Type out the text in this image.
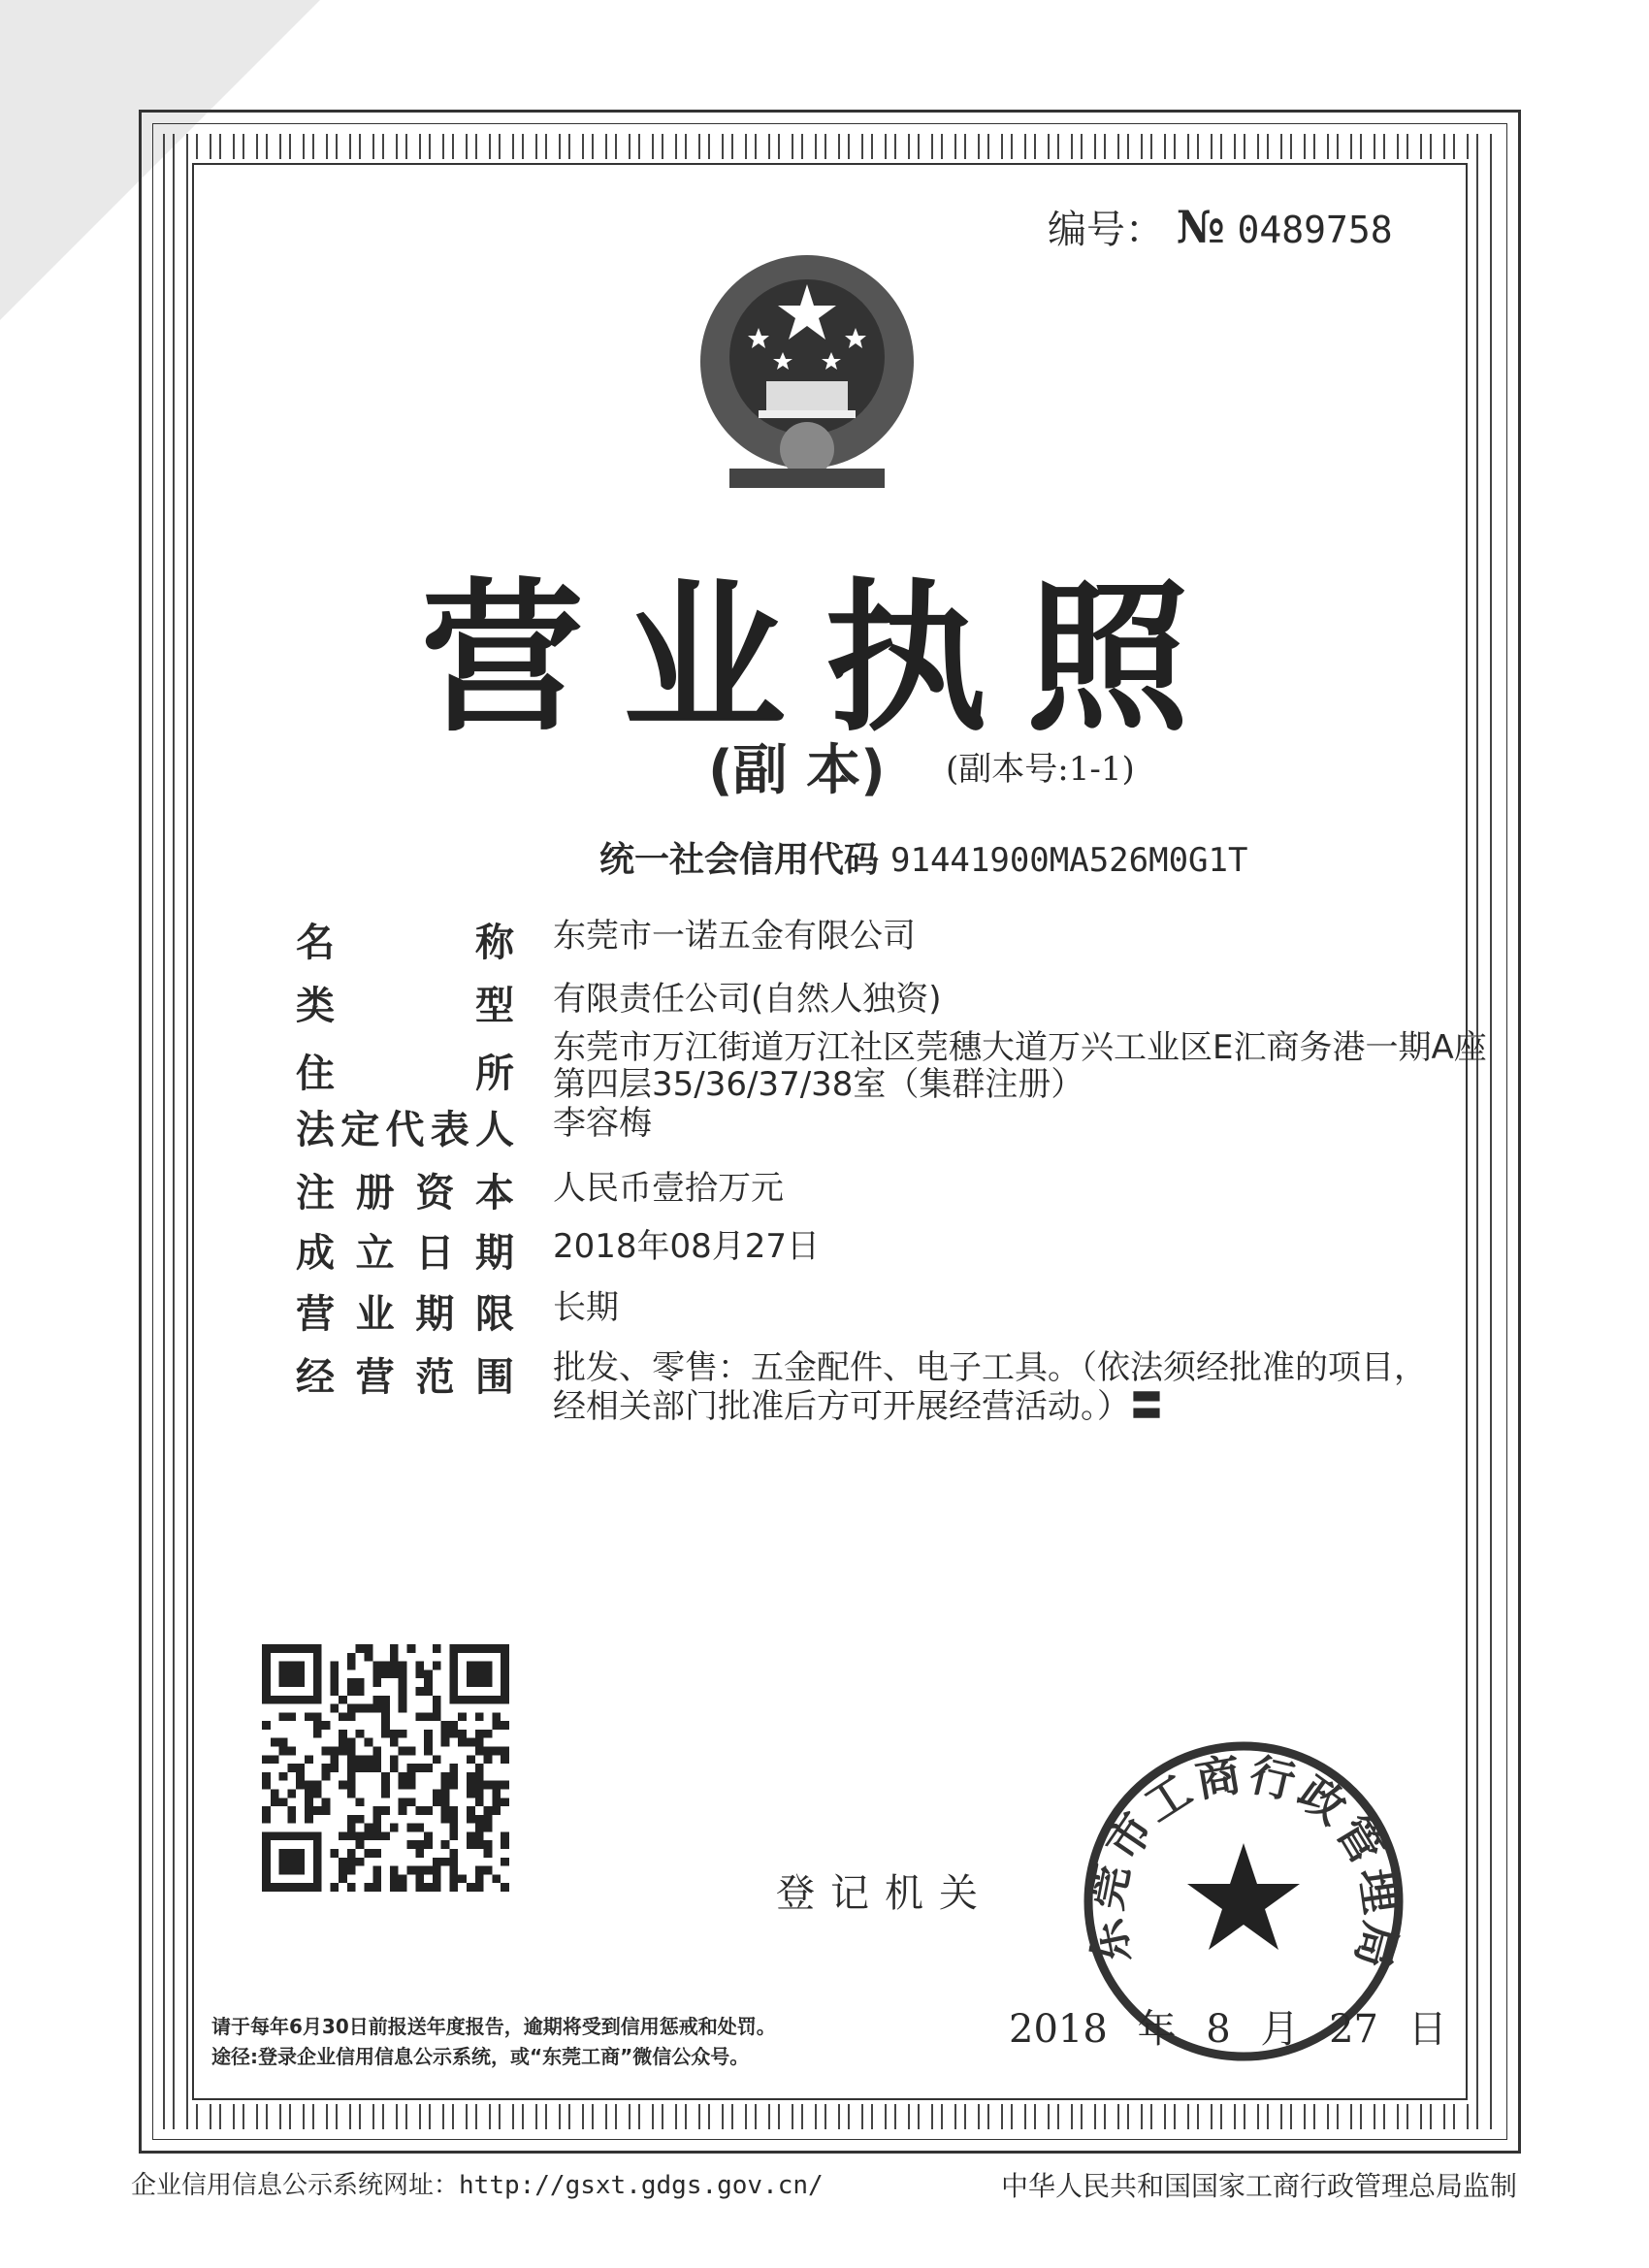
编号： № 0489758
营业执照
(副 本) (副本号:1-1)
统一社会信用代码 91441900MA526M0G1T
名称 东莞市一诺五金有限公司
类型 有限责任公司(自然人独资)
住所
东莞市万江街道万江社区莞穗大道万兴工业区E汇商务港一期A座
第四层35/36/37/38室（集群注册）
法定代表人 李容梅
注册资本 人民币壹拾万元
成立日期 2018年08月27日
营业期限 长期
经营范围 批发、零售：五金配件、电子工具。（依法须经批准的项目，
经相关部门批准后方可开展经营活动。）〓
登记机关
东莞市工商行政管理局
2018 年 8 月 27 日
请于每年6月30日前报送年度报告，逾期将受到信用惩戒和处罚。
途径:登录企业信用信息公示系统，或“东莞工商”微信公众号。
企业信用信息公示系统网址：http://gsxt.gdgs.gov.cn/	中华人民共和国国家工商行政管理总局监制
